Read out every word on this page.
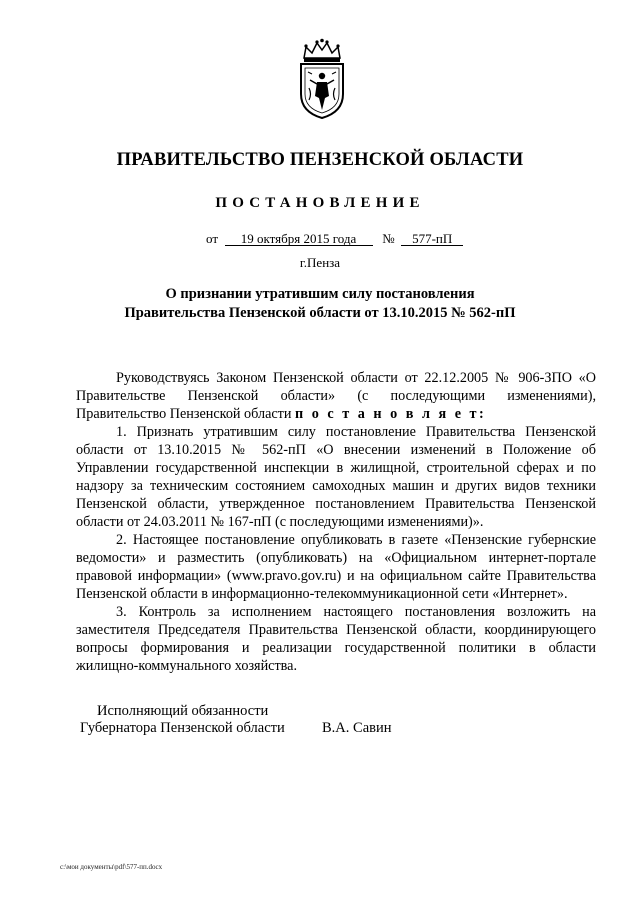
ПРАВИТЕЛЬСТВО ПЕНЗЕНСКОЙ ОБЛАСТИ
ПОСТАНОВЛЕНИЕ
от 19 октября 2015 года № 577-пП
г.Пенза
О признании утратившим силу постановления
Правительства Пензенской области от 13.10.2015 № 562-пП

Руководствуясь Законом Пензенской области от 22.12.2005 № 906-ЗПО «О Правительстве Пензенской области» (с последующими изменениями), Правительство Пензенской области п о с т а н о в л я е т:

1. Признать утратившим силу постановление Правительства Пензенской области от 13.10.2015 № 562-пП «О внесении изменений в Положение об Управлении государственной инспекции в жилищной, строительной сферах и по надзору за техническим состоянием самоходных машин и других видов техники Пензенской области, утвержденное постановлением Правительства Пензенской области от 24.03.2011 № 167-пП (с последующими изменениями)».

2. Настоящее постановление опубликовать в газете «Пензенские губернские ведомости» и разместить (опубликовать) на «Официальном интернет-портале правовой информации» (www.pravo.gov.ru) и на официальном сайте Правительства Пензенской области в информационно-телекоммуникационной сети «Интернет».

3. Контроль за исполнением настоящего постановления возложить на заместителя Председателя Правительства Пензенской области, координирующего вопросы формирования и реализации государственной политики в области жилищно-коммунального хозяйства.

Исполняющий обязанности
Губернатора Пензенской области	В.А. Савин
c:\мои документы\pdf\577-пп.docx
